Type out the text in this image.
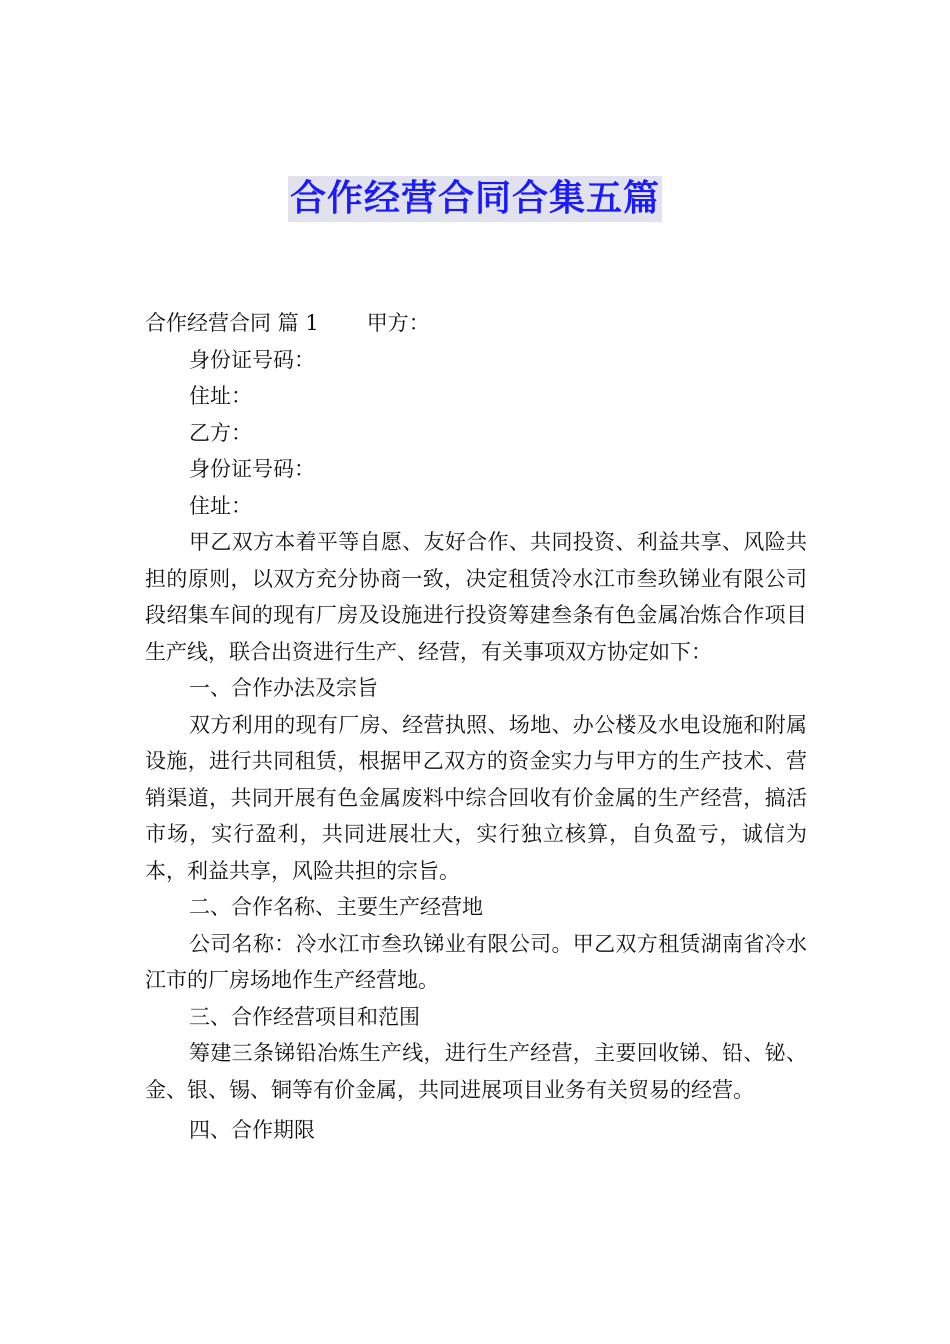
合作经营合同合集五篇

合作经营合同 篇 1 甲方：

身份证号码：

住址：

乙方：

身份证号码：

住址：

甲乙双方本着平等自愿、友好合作、共同投资、利益共享、风险共担的原则，以双方充分协商一致，决定租赁冷水江市叁玖锑业有限公司段绍集车间的现有厂房及设施进行投资筹建叁条有色金属冶炼合作项目生产线，联合出资进行生产、经营，有关事项双方协定如下：

一、合作办法及宗旨

双方利用的现有厂房、经营执照、场地、办公楼及水电设施和附属设施，进行共同租赁，根据甲乙双方的资金实力与甲方的生产技术、营销渠道，共同开展有色金属废料中综合回收有价金属的生产经营，搞活市场，实行盈利，共同进展壮大，实行独立核算，自负盈亏，诚信为本，利益共享，风险共担的宗旨。

二、合作名称、主要生产经营地

公司名称：冷水江市叁玖锑业有限公司。甲乙双方租赁湖南省冷水江市的厂房场地作生产经营地。

三、合作经营项目和范围

筹建三条锑铅冶炼生产线，进行生产经营，主要回收锑、铅、铋、金、银、锡、铜等有价金属，共同进展项目业务有关贸易的经营。

四、合作期限
